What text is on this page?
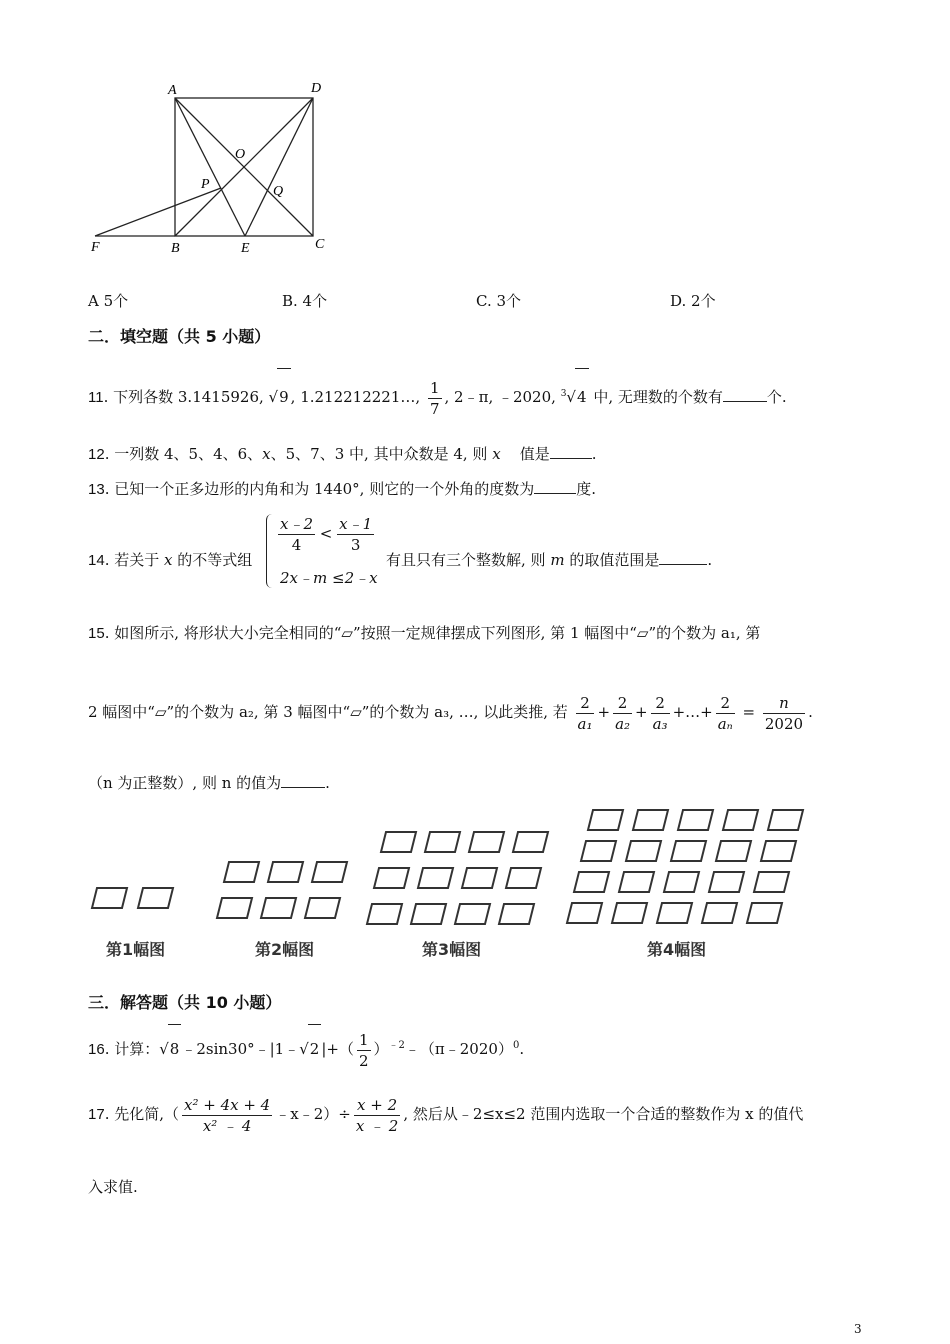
A	D
O
P	Q
F	B	E	C
A 5个	B. 4个	C. 3个	D. 2个
二．填空题（共 5 小题）
11. 下列各数 3.1415926, √9 , 1.212212221…, $\frac{1}{7}$ , 2﹣π, ﹣2020, $^3$√4 中, 无理数的个数有	个.
12. 一列数 4、5、4、6、x、5、7、3 中, 其中众数是 4, 则 x 值是	.
13. 已知一个正多边形的内角和为 1440°, 则它的一个外角的度数为	度.
14. 若关于 x 的不等式组
$\frac{x﹣2}{4} < \frac{x﹣1}{3}$
2x﹣m ≤2﹣x
有且只有三个整数解, 则 m 的取值范围是	.
15. 如图所示, 将形状大小完全相同的“▱”按照一定规律摆成下列图形, 第 1 幅图中“▱”的个数为 a₁, 第
2 幅图中“▱”的个数为 a₂, 第 3 幅图中“▱”的个数为 a₃, …, 以此类推, 若 $\frac{2}{\text{a₁}} + \frac{2}{\text{a₂}} + \frac{2}{\text{a₃}}$ +…+ $\frac{2}{\text{aₙ}} = \frac{n}{2020}$ .
（n 为正整数）, 则 n 的值为	.
第1幅图	第2幅图	第3幅图	第4幅图
三．解答题（共 10 小题）
16. 计算：√8 ﹣2sin30°﹣|1﹣√2 |+（ $\frac{1}{2}$ ）$^{﹣2}$﹣（π﹣2020）$^0$.
17. 先化简,（ $\frac{\text{x² + 4x + 4}}{\text{x² ﹣ 4}}$ ﹣x﹣2）÷ $\frac{x + 2}{x ﹣ 2}$ , 然后从﹣2≤x≤2 范围内选取一个合适的整数作为 x 的值代
入求值.
3
